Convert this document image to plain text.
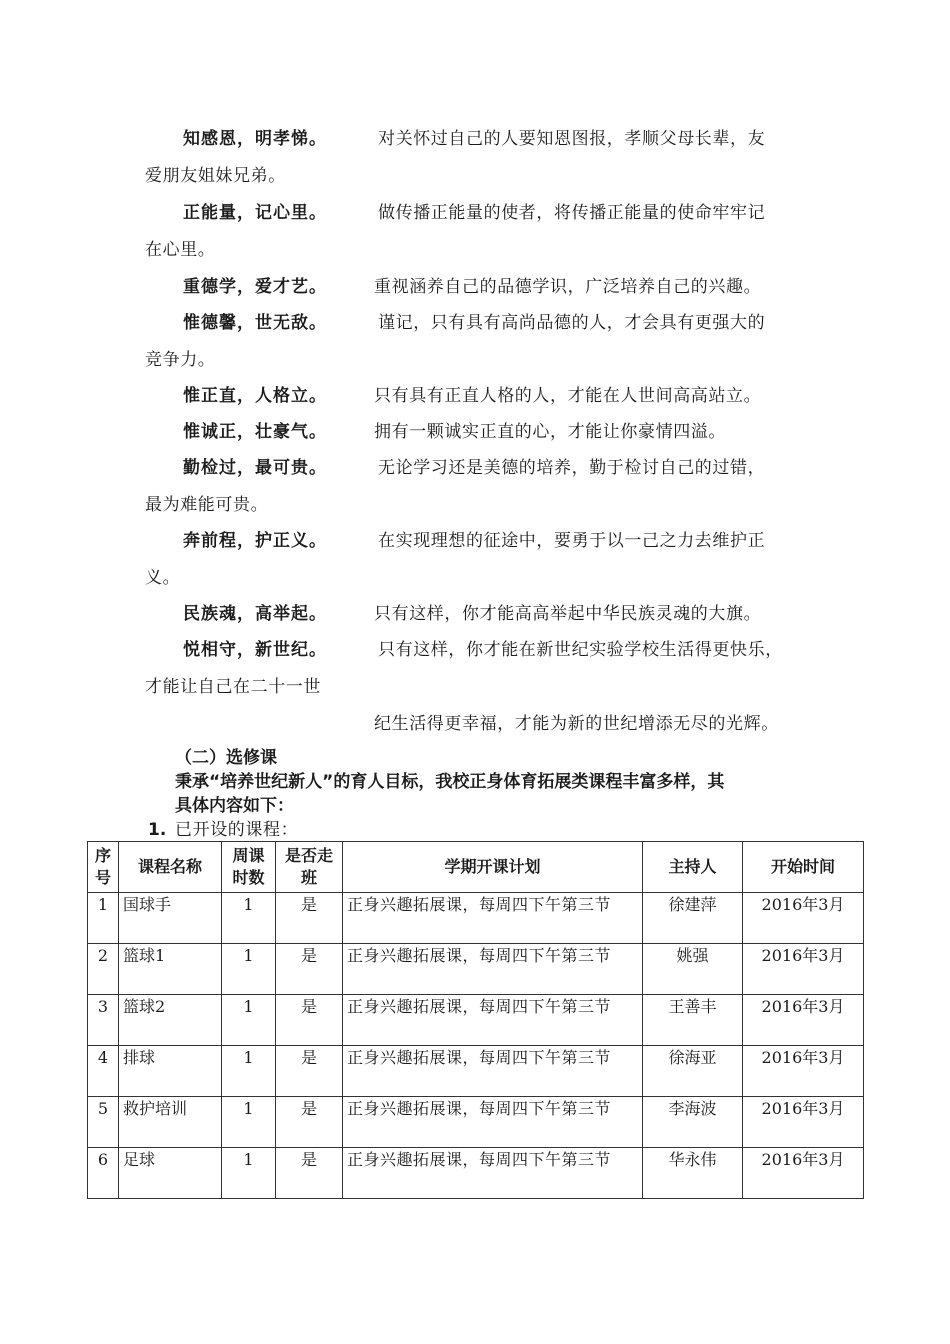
知感恩，明孝悌。	对关怀过自己的人要知恩图报，孝顺父母长辈，友
爱朋友姐妹兄弟。
正能量，记心里。	做传播正能量的使者，将传播正能量的使命牢牢记
在心里。
重德学，爱才艺。	重视涵养自己的品德学识，广泛培养自己的兴趣。
惟德馨，世无敌。	谨记，只有具有高尚品德的人，才会具有更强大的
竞争力。
惟正直，人格立。	只有具有正直人格的人，才能在人世间高高站立。
惟诚正，壮豪气。	拥有一颗诚实正直的心，才能让你豪情四溢。
勤检过，最可贵。	无论学习还是美德的培养，勤于检讨自己的过错，
最为难能可贵。
奔前程，护正义。	在实现理想的征途中，要勇于以一己之力去维护正
义。
民族魂，高举起。	只有这样，你才能高高举起中华民族灵魂的大旗。
悦相守，新世纪。	只有这样，你才能在新世纪实验学校生活得更快乐，
才能让自己在二十一世
纪生活得更幸福，才能为新的世纪增添无尽的光辉。
（二）选修课
秉承“培养世纪新人”的育人目标，我校正身体育拓展类课程丰富多样，其
具体内容如下：
1. 已开设的课程：
序号	课程名称	周课时数	是否走班	学期开课计划	主持人	开始时间
1	国球手	1	是	正身兴趣拓展课，每周四下午第三节	徐建萍	2016年3月
2	篮球1	1	是	正身兴趣拓展课，每周四下午第三节	姚强	2016年3月
3	篮球2	1	是	正身兴趣拓展课，每周四下午第三节	王善丰	2016年3月
4	排球	1	是	正身兴趣拓展课，每周四下午第三节	徐海亚	2016年3月
5	救护培训	1	是	正身兴趣拓展课，每周四下午第三节	李海波	2016年3月
6	足球	1	是	正身兴趣拓展课，每周四下午第三节	华永伟	2016年3月
